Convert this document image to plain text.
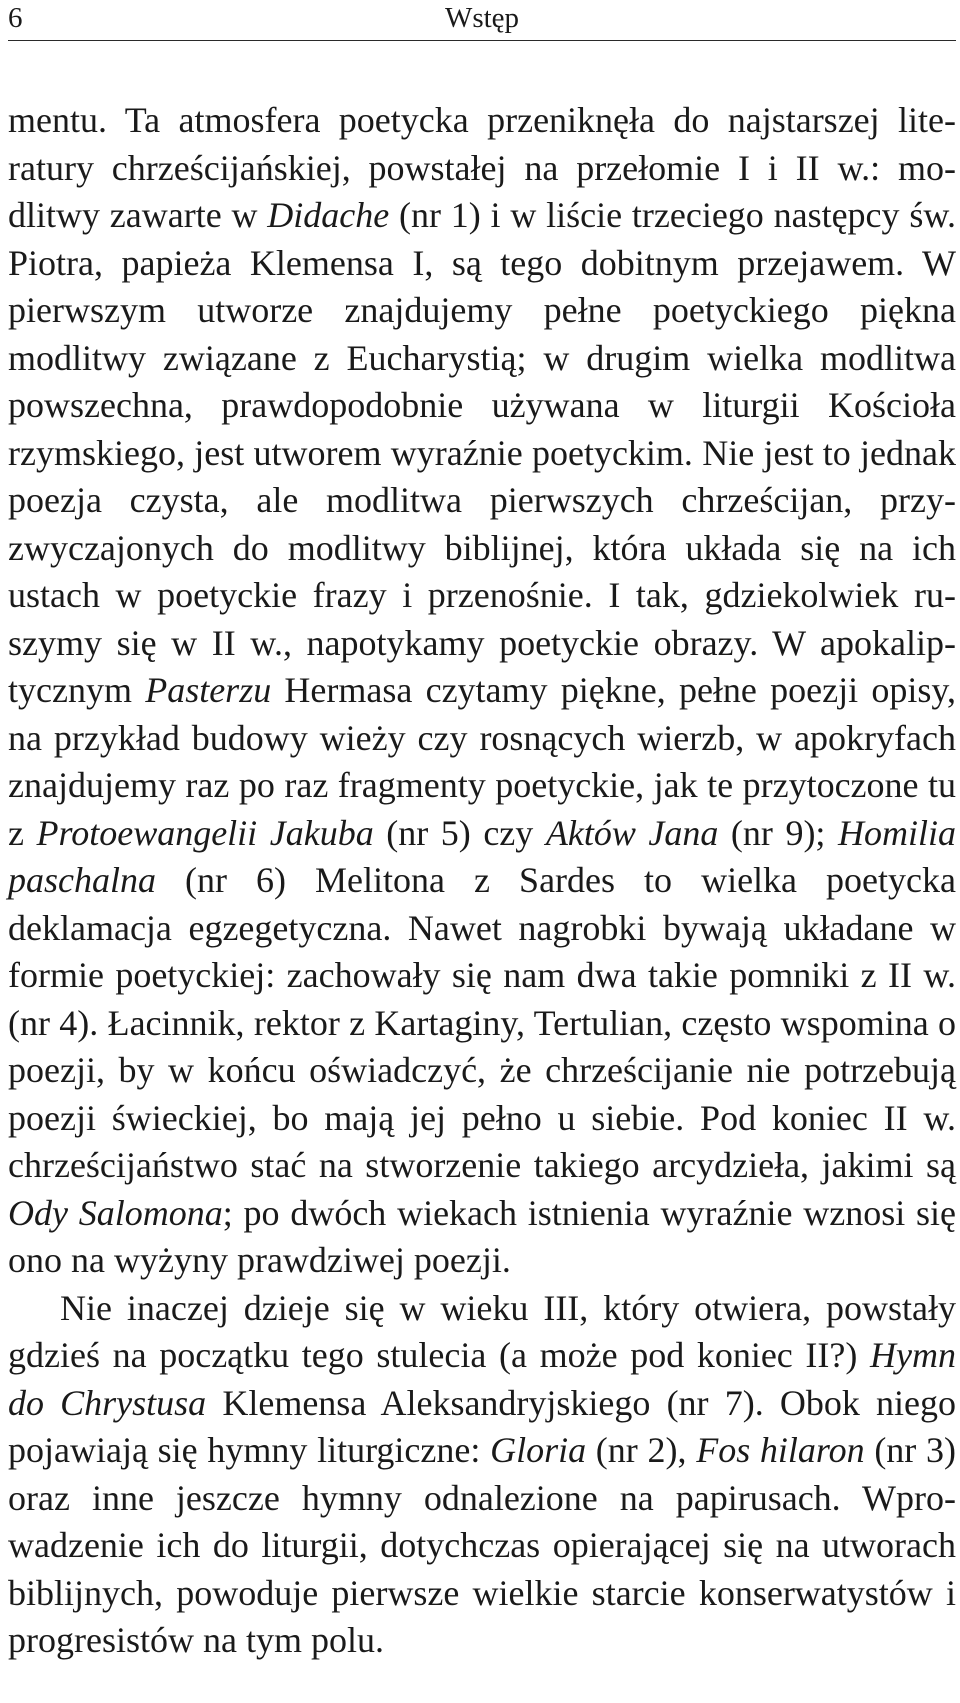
6	Wstęp

mentu. Ta atmosfera poetycka przeniknęła do najstarszej literatury chrześcijańskiej, powstałej na przełomie I i II w.: modlitwy zawarte w Didache (nr 1) i w liście trzeciego następcy św. Piotra, papieża Klemensa I, są tego dobitnym przejawem. W pierwszym utworze znajdujemy pełne poetyckiego piękna modlitwy związane z Eucharystią; w drugim wielka modlitwa powszechna, prawdopodobnie używana w liturgii Kościoła rzymskiego, jest utworem wyraźnie poetyckim. Nie jest to jednak poezja czysta, ale modlitwa pierwszych chrześcijan, przyzwyczajonych do modlitwy biblijnej, która układa się na ich ustach w poetyckie frazy i przenośnie. I tak, gdziekolwiek ruszymy się w II w., napotykamy poetyckie obrazy. W apokaliptycznym Pasterzu Hermasa czytamy piękne, pełne poezji opisy, na przykład budowy wieży czy rosnących wierzb, w apokryfach znajdujemy raz po raz fragmenty poetyckie, jak te przytoczone tu z Protoewangelii Jakuba (nr 5) czy Aktów Jana (nr 9); Homilia paschalna (nr 6) Melitona z Sardes to wielka poetycka deklamacja egzegetyczna. Nawet nagrobki bywają układane w formie poetyckiej: zachowały się nam dwa takie pomniki z II w. (nr 4). Łacinnik, rektor z Kartaginy, Tertulian, często wspomina o poezji, by w końcu oświadczyć, że chrześcijanie nie potrzebują poezji świeckiej, bo mają jej pełno u siebie. Pod koniec II w. chrześcijaństwo stać na stworzenie takiego arcydzieła, jakimi są Ody Salomona; po dwóch wiekach istnienia wyraźnie wznosi się ono na wyżyny prawdziwej poezji.

Nie inaczej dzieje się w wieku III, który otwiera, powstały gdzieś na początku tego stulecia (a może pod koniec II?) Hymn do Chrystusa Klemensa Aleksandryjskiego (nr 7). Obok niego pojawiają się hymny liturgiczne: Gloria (nr 2), Fos hilaron (nr 3) oraz inne jeszcze hymny odnalezione na papirusach. Wprowadzenie ich do liturgii, dotychczas opierającej się na utworach biblijnych, powoduje pierwsze wielkie starcie konserwatystów i progresistów na tym polu.
